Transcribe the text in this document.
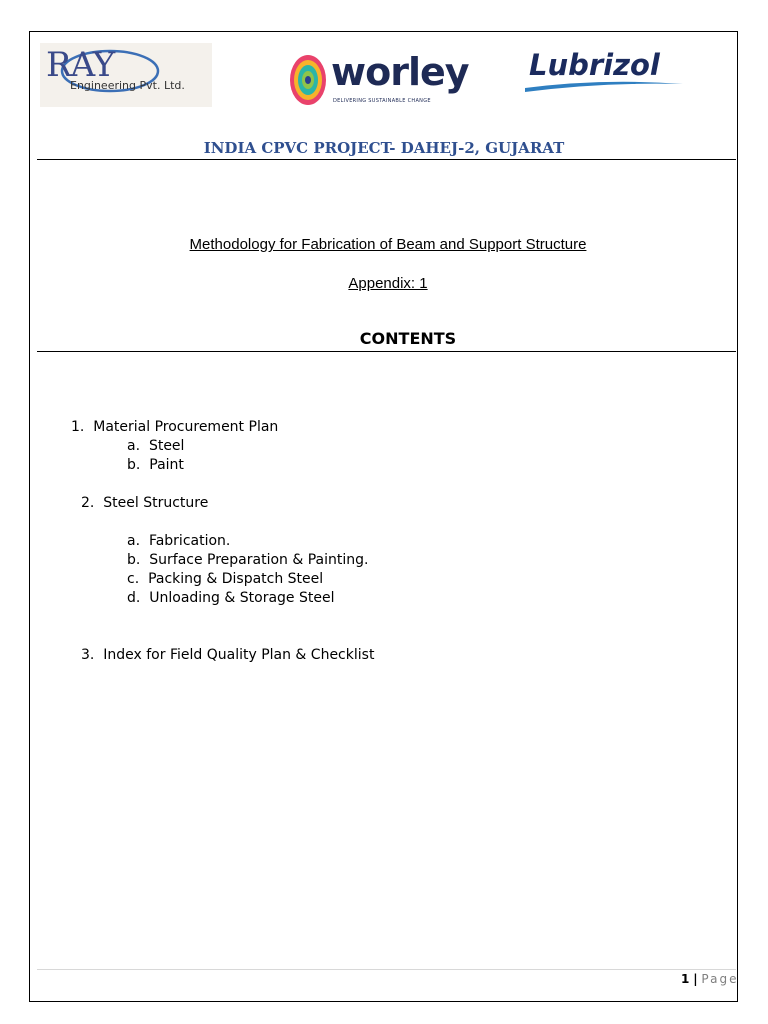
RAY
Engineering Pvt. Ltd.	worley
DELIVERING SUSTAINABLE CHANGE
Lubrizol
INDIA CPVC PROJECT- DAHEJ-2, GUJARAT
Methodology for Fabrication of Beam and Support Structure
Appendix: 1
CONTENTS
1. Material Procurement Plan
a. Steel
b. Paint
2. Steel Structure
a. Fabrication.
b. Surface Preparation & Painting.
c. Packing & Dispatch Steel
d. Unloading & Storage Steel
3. Index for Field Quality Plan & Checklist
1 | Page
